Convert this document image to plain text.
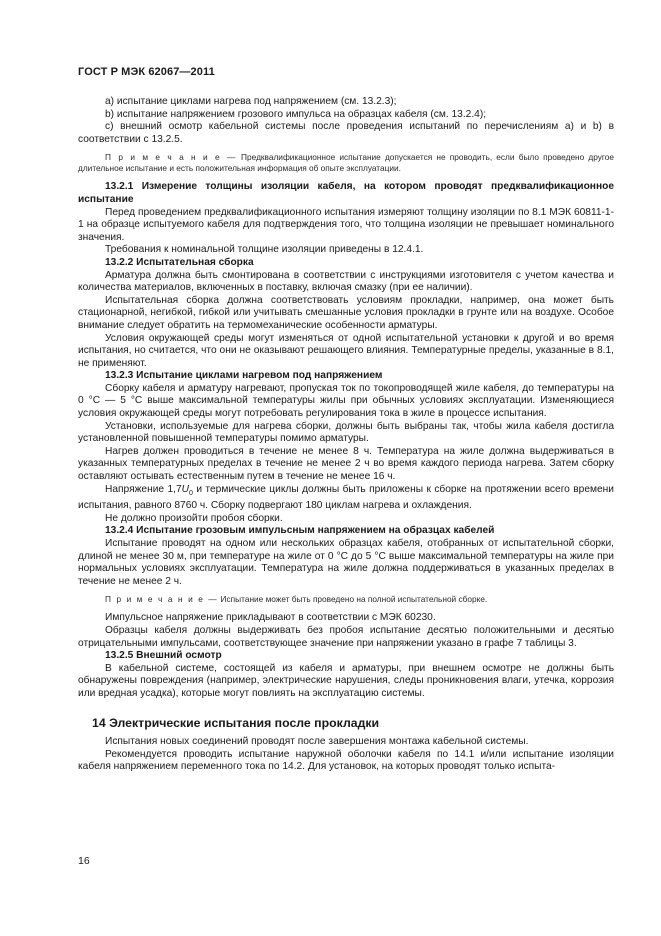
ГОСТ Р МЭК 62067—2011

а) испытание циклами нагрева под напряжением (см. 13.2.3);

b) испытание напряжением грозового импульса на образцах кабеля (см. 13.2.4);

с) внешний осмотр кабельной системы после проведения испытаний по перечислениям а) и b) в соответствии с 13.2.5.

П р и м е ч а н и е — Предквалификационное испытание допускается не проводить, если было проведено другое длительное испытание и есть положительная информация об опыте эксплуатации.

13.2.1 Измерение толщины изоляции кабеля, на котором проводят предквалификационное испытание

Перед проведением предквалификационного испытания измеряют толщину изоляции по 8.1 МЭК 60811-1-1 на образце испытуемого кабеля для подтверждения того, что толщина изоляции не превышает номинального значения.

Требования к номинальной толщине изоляции приведены в 12.4.1.

13.2.2 Испытательная сборка

Арматура должна быть смонтирована в соответствии с инструкциями изготовителя с учетом качества и количества материалов, включенных в поставку, включая смазку (при ее наличии).

Испытательная сборка должна соответствовать условиям прокладки, например, она может быть стационарной, негибкой, гибкой или учитывать смешанные условия прокладки в грунте или на воздухе. Особое внимание следует обратить на термомеханические особенности арматуры.

Условия окружающей среды могут изменяться от одной испытательной установки к другой и во время испытания, но считается, что они не оказывают решающего влияния. Температурные пределы, указанные в 8.1, не применяют.

13.2.3 Испытание циклами нагревом под напряжением

Сборку кабеля и арматуру нагревают, пропуская ток по токопроводящей жиле кабеля, до температуры на 0 °С — 5 °С выше максимальной температуры жилы при обычных условиях эксплуатации. Изменяющиеся условия окружающей среды могут потребовать регулирования тока в жиле в процессе испытания.

Установки, используемые для нагрева сборки, должны быть выбраны так, чтобы жила кабеля достигла установленной повышенной температуры помимо арматуры.

Нагрев должен проводиться в течение не менее 8 ч. Температура на жиле должна выдерживаться в указанных температурных пределах в течение не менее 2 ч во время каждого периода нагрева. Затем сборку оставляют остывать естественным путем в течение не менее 16 ч.

Напряжение $1,7U_0$ и термические циклы должны быть приложены к сборке на протяжении всего времени испытания, равного 8760 ч. Сборку подвергают 180 циклам нагрева и охлаждения.

Не должно произойти пробоя сборки.

13.2.4 Испытание грозовым импульсным напряжением на образцах кабелей

Испытание проводят на одном или нескольких образцах кабеля, отобранных от испытательной сборки, длиной не менее 30 м, при температуре на жиле от 0 °С до 5 °С выше максимальной температуры на жиле при нормальных условиях эксплуатации. Температура на жиле должна поддерживаться в указанных пределах в течение не менее 2 ч.

П р и м е ч а н и е — Испытание может быть проведено на полной испытательной сборке.

Импульсное напряжение прикладывают в соответствии с МЭК 60230.

Образцы кабеля должны выдерживать без пробоя испытание десятью положительными и десятью отрицательными импульсами, соответствующее значение при напряжении указано в графе 7 таблицы 3.

13.2.5 Внешний осмотр

В кабельной системе, состоящей из кабеля и арматуры, при внешнем осмотре не должны быть обнаружены повреждения (например, электрические нарушения, следы проникновения влаги, утечка, коррозия или вредная усадка), которые могут повлиять на эксплуатацию системы.

14 Электрические испытания после прокладки

Испытания новых соединений проводят после завершения монтажа кабельной системы.

Рекомендуется проводить испытание наружной оболочки кабеля по 14.1 и/или испытание изоляции кабеля напряжением переменного тока по 14.2. Для установок, на которых проводят только испыта-

16
